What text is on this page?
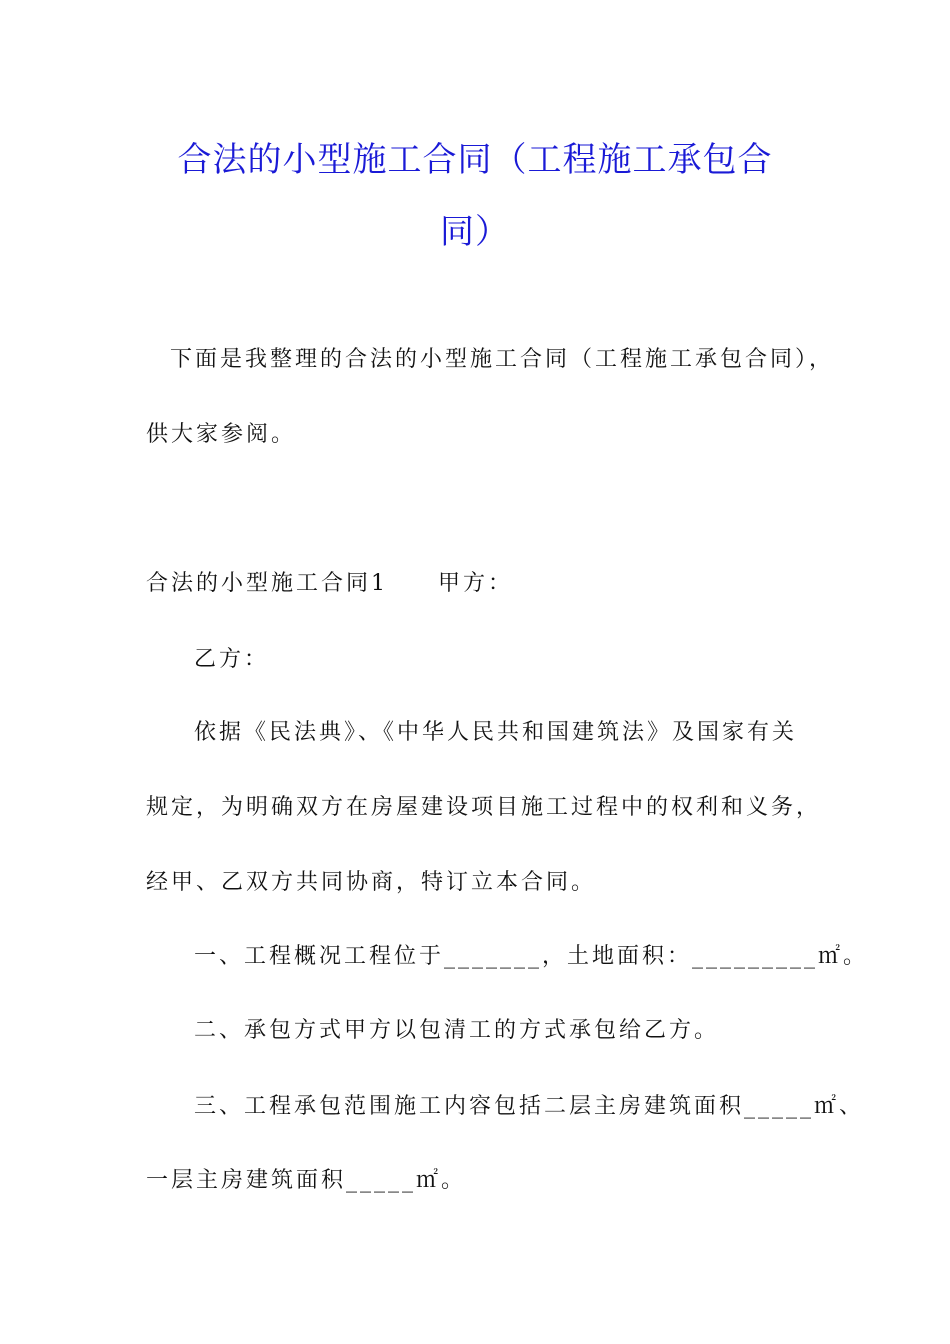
合法的小型施工合同（工程施工承包合
同）

下面是我整理的合法的小型施工合同（工程施工承包合同），

供大家参阅。

合法的小型施工合同1　　甲方：

乙方：

依据《民法典》、《中华人民共和国建筑法》及国家有关

规定，为明确双方在房屋建设项目施工过程中的权利和义务，

经甲、乙双方共同协商，特订立本合同。

一、工程概况工程位于_______，土地面积：_________㎡。

二、承包方式甲方以包清工的方式承包给乙方。

三、工程承包范围施工内容包括二层主房建筑面积_____㎡、

一层主房建筑面积_____㎡。
